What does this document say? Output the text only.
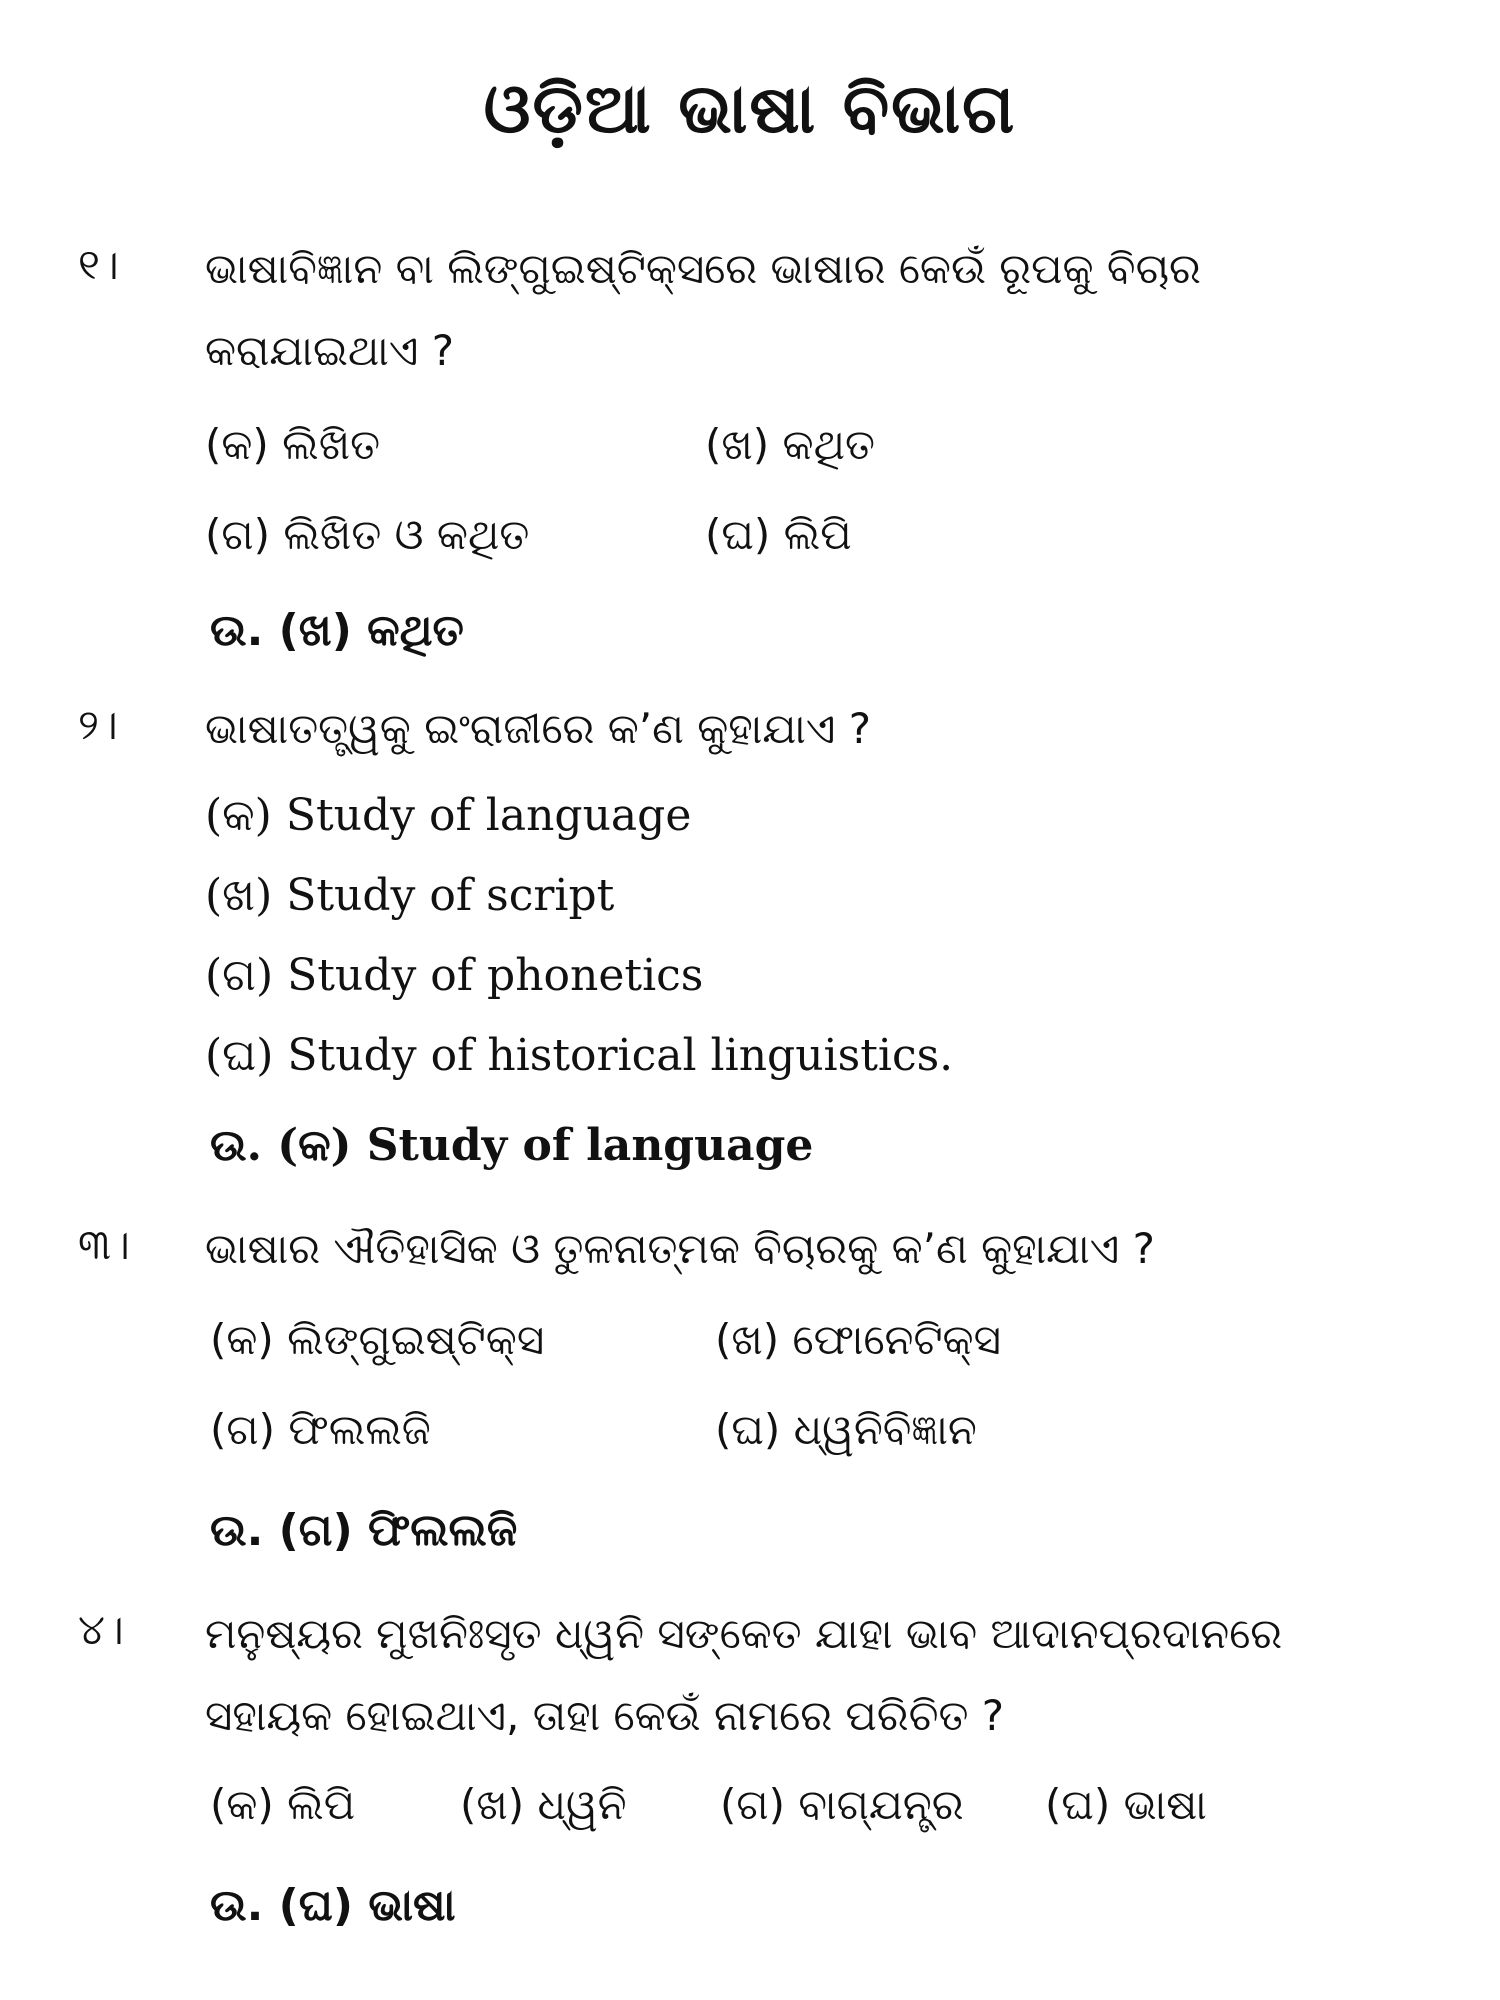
ଓଡ଼ିଆ ଭାଷା ବିଭାଗ
୧। ଭାଷାବିଜ୍ଞାନ ବା ଲିଙ୍ଗୁଇଷ୍ଟିକ୍ସରେ ଭାଷାର କେଉଁ ରୂପକୁ ବିଚାର କରାଯାଇଥାଏ ?
(କ) ଲିଖିତ	(ଖ) କଥିତ
(ଗ) ଲିଖିତ ଓ କଥିତ	(ଘ) ଲିପି
ଉ. (ଖ) କଥିତ
୨। ଭାଷାତତ୍ତ୍ୱକୁ ଇଂରାଜୀରେ କ’ଣ କୁହାଯାଏ ?
(କ) Study of language
(ଖ) Study of script
(ଗ) Study of phonetics
(ଘ) Study of historical linguistics.
ଉ. (କ) Study of language
୩। ଭାଷାର ଐତିହାସିକ ଓ ତୁଳନାତ୍ମକ ବିଚାରକୁ କ’ଣ କୁହାଯାଏ ?
(କ) ଲିଙ୍ଗୁଇଷ୍ଟିକ୍ସ	(ଖ) ଫୋନେଟିକ୍ସ
(ଗ) ଫିଲଲଜି	(ଘ) ଧ୍ୱନିବିଜ୍ଞାନ
ଉ. (ଗ) ଫିଲଲଜି
୪। ମନୁଷ୍ୟର ମୁଖନିଃସୃତ ଧ୍ୱନି ସଙ୍କେତ ଯାହା ଭାବ ଆଦାନପ୍ରଦାନରେ ସହାୟକ ହୋଇଥାଏ, ତାହା କେଉଁ ନାମରେ ପରିଚିତ ?
(କ) ଲିପି (ଖ) ଧ୍ୱନି (ଗ) ବାଗ୍‌ଯନ୍ତ୍ର (ଘ) ଭାଷା
ଉ. (ଘ) ଭାଷା
